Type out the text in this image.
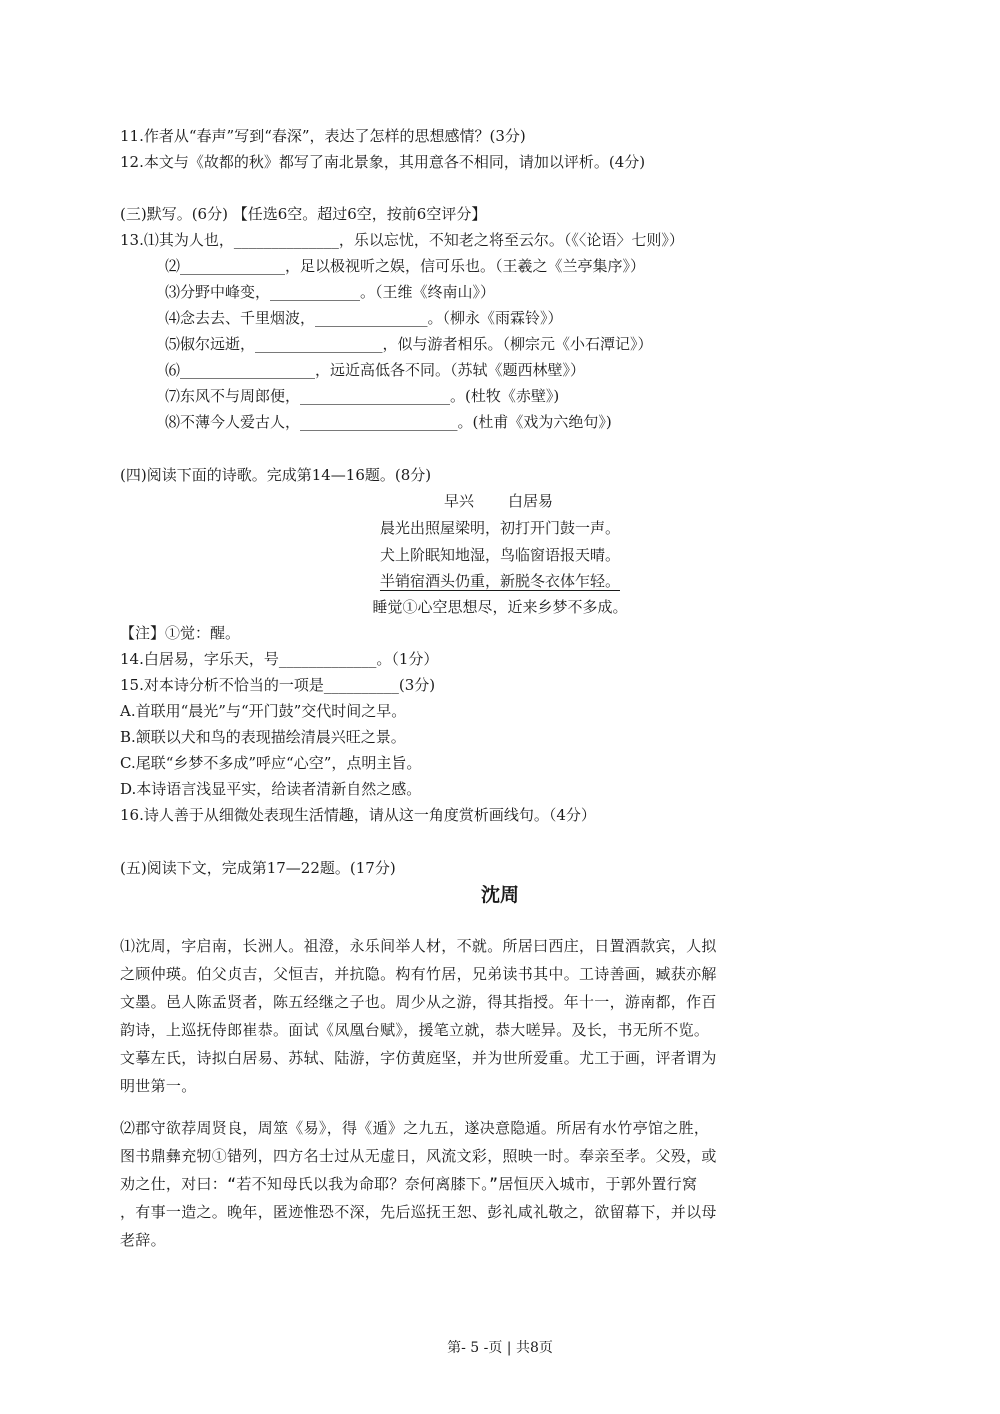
11.作者从“春声”写到“春深”，表达了怎样的思想感情？(3分)
12.本文与《故都的秋》都写了南北景象，其用意各不相同，请加以评析。(4分)
(三)默写。(6分) 【任选6空。超过6空，按前6空评分】
13.⑴其为人也，______________，乐以忘忧，不知老之将至云尔。（《〈论语〉七则》）
⑵______________，足以极视听之娱，信可乐也。（王羲之《兰亭集序》）
⑶分野中峰变，____________。（王维《终南山》）
⑷念去去、千里烟波，_______________。（柳永《雨霖铃》）
⑸俶尔远逝，_________________，似与游者相乐。（柳宗元《小石潭记》）
⑹__________________，远近高低各不同。（苏轼《题西林壁》）
⑺东风不与周郎便，____________________。(杜牧《赤壁》)
⑻不薄今人爱古人，_____________________。(杜甫《戏为六绝句》)
(四)阅读下面的诗歌。完成第14—16题。(8分)
早兴 白居易
晨光出照屋梁明，初打开门鼓一声。
犬上阶眠知地湿，鸟临窗语报天晴。
半销宿酒头仍重，新脱冬衣体乍轻。
睡觉①心空思想尽，近来乡梦不多成。
【注】①觉：醒。
14.白居易，字乐天，号_____________。（1分）
15.对本诗分析不恰当的一项是__________(3分)
A.首联用“晨光”与“开门鼓”交代时间之早。
B.颔联以犬和鸟的表现描绘清晨兴旺之景。
C.尾联“乡梦不多成”呼应“心空”，点明主旨。
D.本诗语言浅显平实，给读者清新自然之感。
16.诗人善于从细微处表现生活情趣，请从这一角度赏析画线句。（4分）
(五)阅读下文，完成第17—22题。(17分)
沈周
⑴沈周，字启南，长洲人。祖澄，永乐间举人材，不就。所居曰西庄，日置酒款宾，人拟
之顾仲瑛。伯父贞吉，父恒吉，并抗隐。构有竹居，兄弟读书其中。工诗善画，臧获亦解
文墨。邑人陈孟贤者，陈五经继之子也。周少从之游，得其指授。年十一，游南都，作百
韵诗，上巡抚侍郎崔恭。面试《凤凰台赋》，援笔立就，恭大嗟异。及长，书无所不览。
文摹左氏，诗拟白居易、苏轼、陆游，字仿黄庭坚，并为世所爱重。尤工于画，评者谓为
明世第一。
⑵郡守欲荐周贤良，周筮《易》，得《遁》之九五，遂决意隐遁。所居有水竹亭馆之胜，
图书鼎彝充牣①错列，四方名士过从无虚日，风流文彩，照映一时。奉亲至孝。父殁，或
劝之仕，对曰：“若不知母氏以我为命耶？奈何离膝下。”居恒厌入城市，于郭外置行窝
，有事一造之。晚年，匿迹惟恐不深，先后巡抚王恕、彭礼咸礼敬之，欲留幕下，并以母
老辞。
第- 5 -页 | 共8页
